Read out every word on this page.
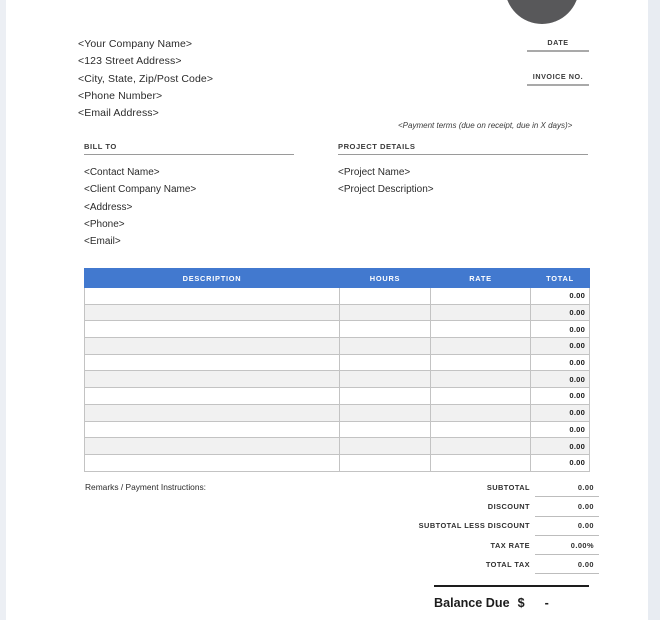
<Your Company Name>
<123 Street Address>
<City, State, Zip/Post Code>
<Phone Number>
<Email Address>
DATE
INVOICE NO.
<Payment terms (due on receipt, due in X days)>
BILL TO
<Contact Name>
<Client Company Name>
<Address>
<Phone>
<Email>
PROJECT DETAILS
<Project Name>
<Project Description>
DESCRIPTION	HOURS	RATE	TOTAL
			0.00
			0.00
			0.00
			0.00
			0.00
			0.00
			0.00
			0.00
			0.00
			0.00
			0.00
Remarks / Payment Instructions:	SUBTOTAL	0.00
DISCOUNT	0.00
SUBTOTAL LESS DISCOUNT	0.00
TAX RATE	0.00%
TOTAL TAX	0.00
Balance Due $ -
